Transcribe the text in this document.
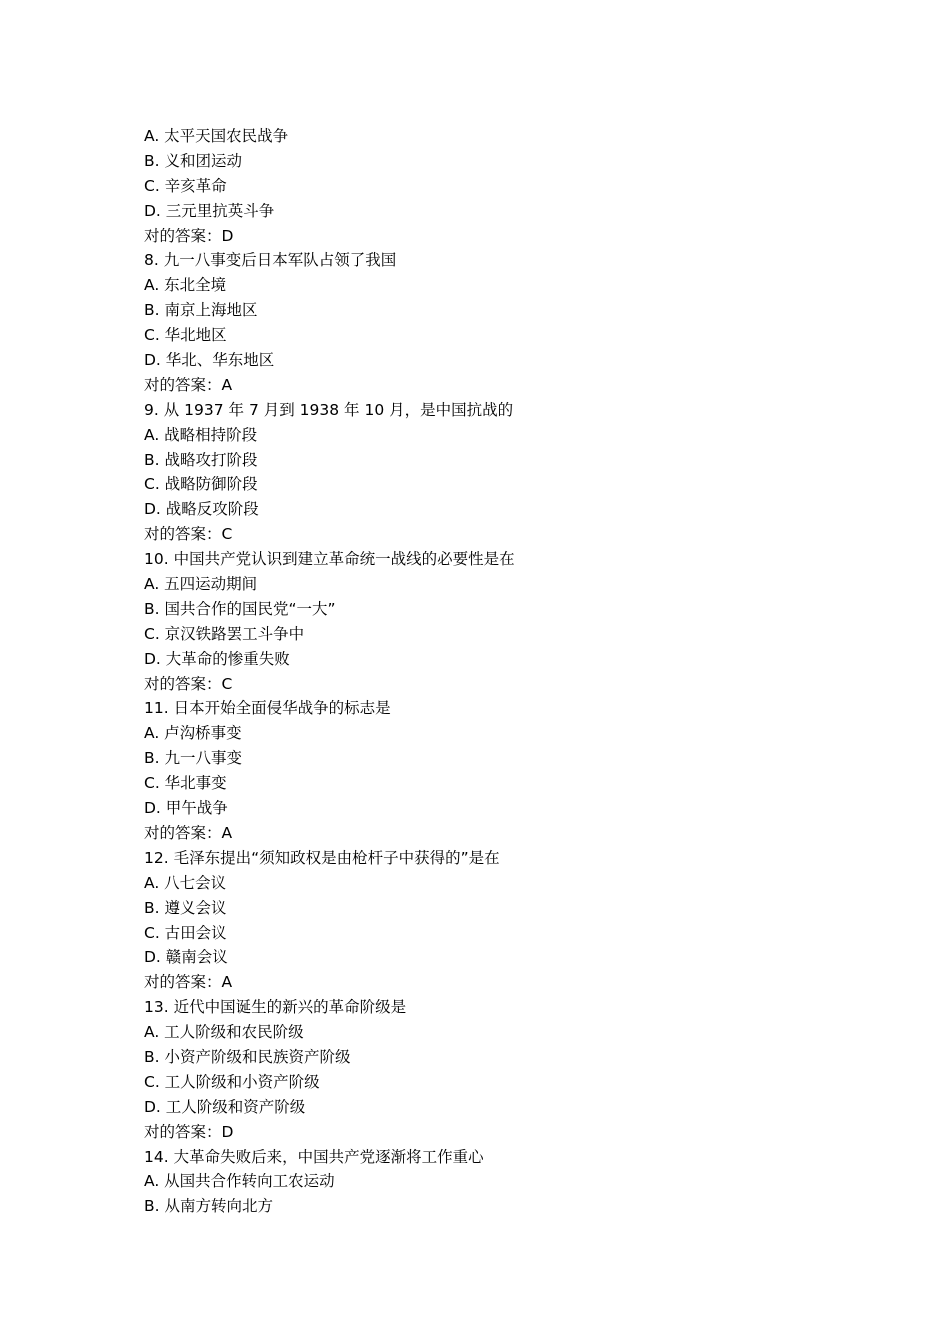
A. 太平天国农民战争
B. 义和团运动
C. 辛亥革命
D. 三元里抗英斗争
对的答案：D
8. 九一八事变后日本军队占领了我国
A. 东北全境
B. 南京上海地区
C. 华北地区
D. 华北、华东地区
对的答案：A
9. 从 1937 年 7 月到 1938 年 10 月，是中国抗战的
A. 战略相持阶段
B. 战略攻打阶段
C. 战略防御阶段
D. 战略反攻阶段
对的答案：C
10. 中国共产党认识到建立革命统一战线的必要性是在
A. 五四运动期间
B. 国共合作的国民党“一大”
C. 京汉铁路罢工斗争中
D. 大革命的惨重失败
对的答案：C
11. 日本开始全面侵华战争的标志是
A. 卢沟桥事变
B. 九一八事变
C. 华北事变
D. 甲午战争
对的答案：A
12. 毛泽东提出“须知政权是由枪杆子中获得的”是在
A. 八七会议
B. 遵义会议
C. 古田会议
D. 赣南会议
对的答案：A
13. 近代中国诞生的新兴的革命阶级是
A. 工人阶级和农民阶级
B. 小资产阶级和民族资产阶级
C. 工人阶级和小资产阶级
D. 工人阶级和资产阶级
对的答案：D
14. 大革命失败后来，中国共产党逐渐将工作重心
A. 从国共合作转向工农运动
B. 从南方转向北方
